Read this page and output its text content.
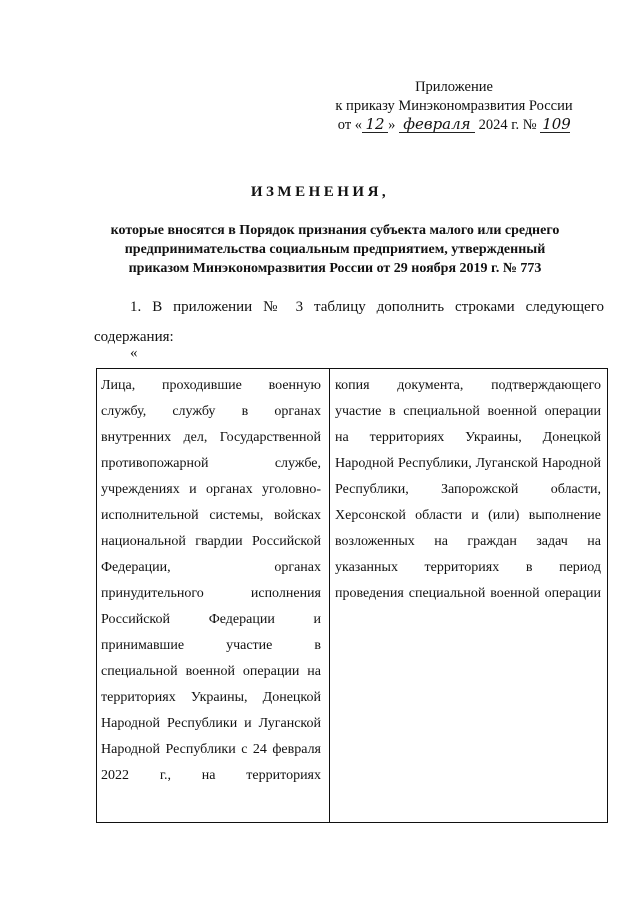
Приложение
к приказу Минэкономразвития России
от « 12 » февраля 2024 г. № 109
ИЗМЕНЕНИЯ,
которые вносятся в Порядок признания субъекта малого или среднего предпринимательства социальным предприятием, утвержденный приказом Минэкономразвития России от 29 ноября 2019 г. № 773
1. В приложении № 3 таблицу дополнить строками следующего содержания:
«
Лица, проходившие военную службу, службу в органах внутренних дел, Государственной противопожарной службе, учреждениях и органах уголовно-исполнительной системы, войсках национальной гвардии Российской Федерации, органах принудительного исполнения Российской Федерации и принимавшие участие в специальной военной операции на территориях Украины, Донецкой Народной Республики и Луганской Народной Республики с 24 февраля 2022 г., на территориях
копия документа, подтверждающего участие в специальной военной операции на территориях Украины, Донецкой Народной Республики, Луганской Народной Республики, Запорожской области, Херсонской области и (или) выполнение возложенных на граждан задач на указанных территориях в период проведения специальной военной операции
